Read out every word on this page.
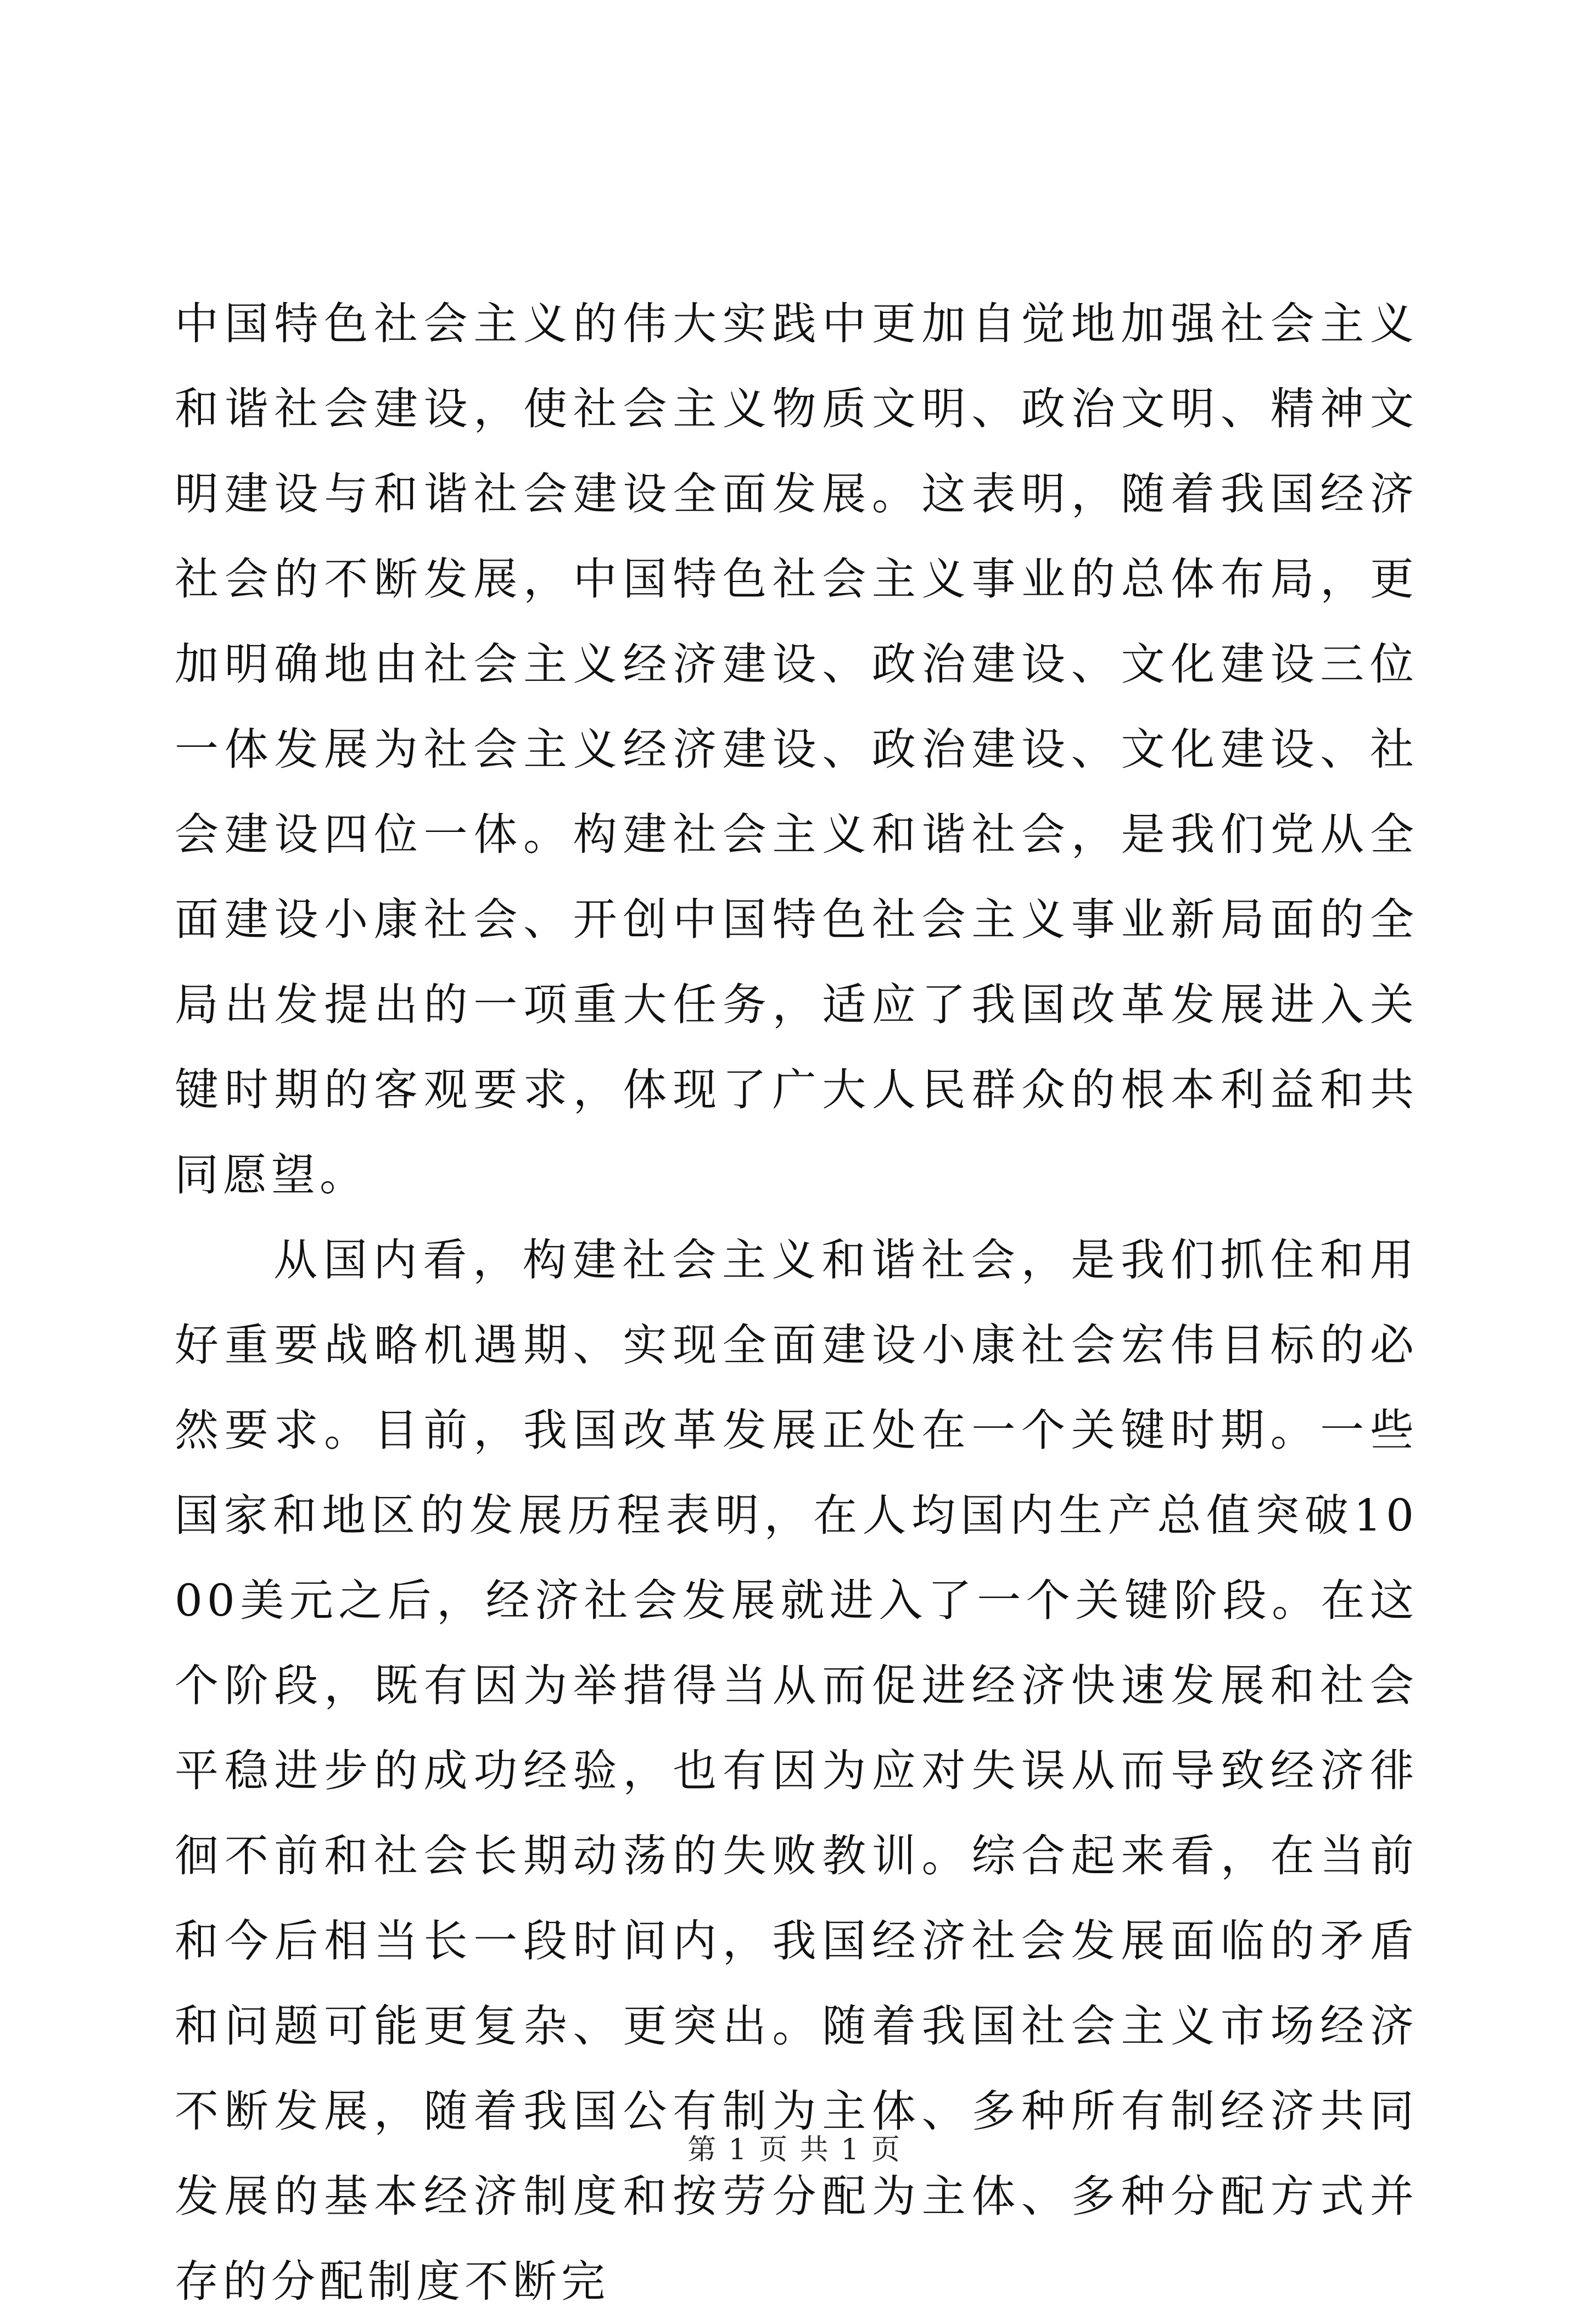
中国特色社会主义的伟大实践中更加自觉地加强社会主义和谐社会建设，使社会主义物质文明、政治文明、精神文明建设与和谐社会建设全面发展。这表明，随着我国经济社会的不断发展，中国特色社会主义事业的总体布局，更加明确地由社会主义经济建设、政治建设、文化建设三位一体发展为社会主义经济建设、政治建设、文化建设、社会建设四位一体。构建社会主义和谐社会，是我们党从全面建设小康社会、开创中国特色社会主义事业新局面的全局出发提出的一项重大任务，适应了我国改革发展进入关键时期的客观要求，体现了广大人民群众的根本利益和共同愿望。

从国内看，构建社会主义和谐社会，是我们抓住和用好重要战略机遇期、实现全面建设小康社会宏伟目标的必然要求。目前，我国改革发展正处在一个关键时期。一些国家和地区的发展历程表明，在人均国内生产总值突破1000美元之后，经济社会发展就进入了一个关键阶段。在这个阶段，既有因为举措得当从而促进经济快速发展和社会平稳进步的成功经验，也有因为应对失误从而导致经济徘徊不前和社会长期动荡的失败教训。综合起来看，在当前和今后相当长一段时间内，我国经济社会发展面临的矛盾和问题可能更复杂、更突出。随着我国社会主义市场经济不断发展，随着我国公有制为主体、多种所有制经济共同发展的基本经济制度和按劳分配为主体、多种分配方式并存的分配制度不断完

第 1 页 共 1 页
